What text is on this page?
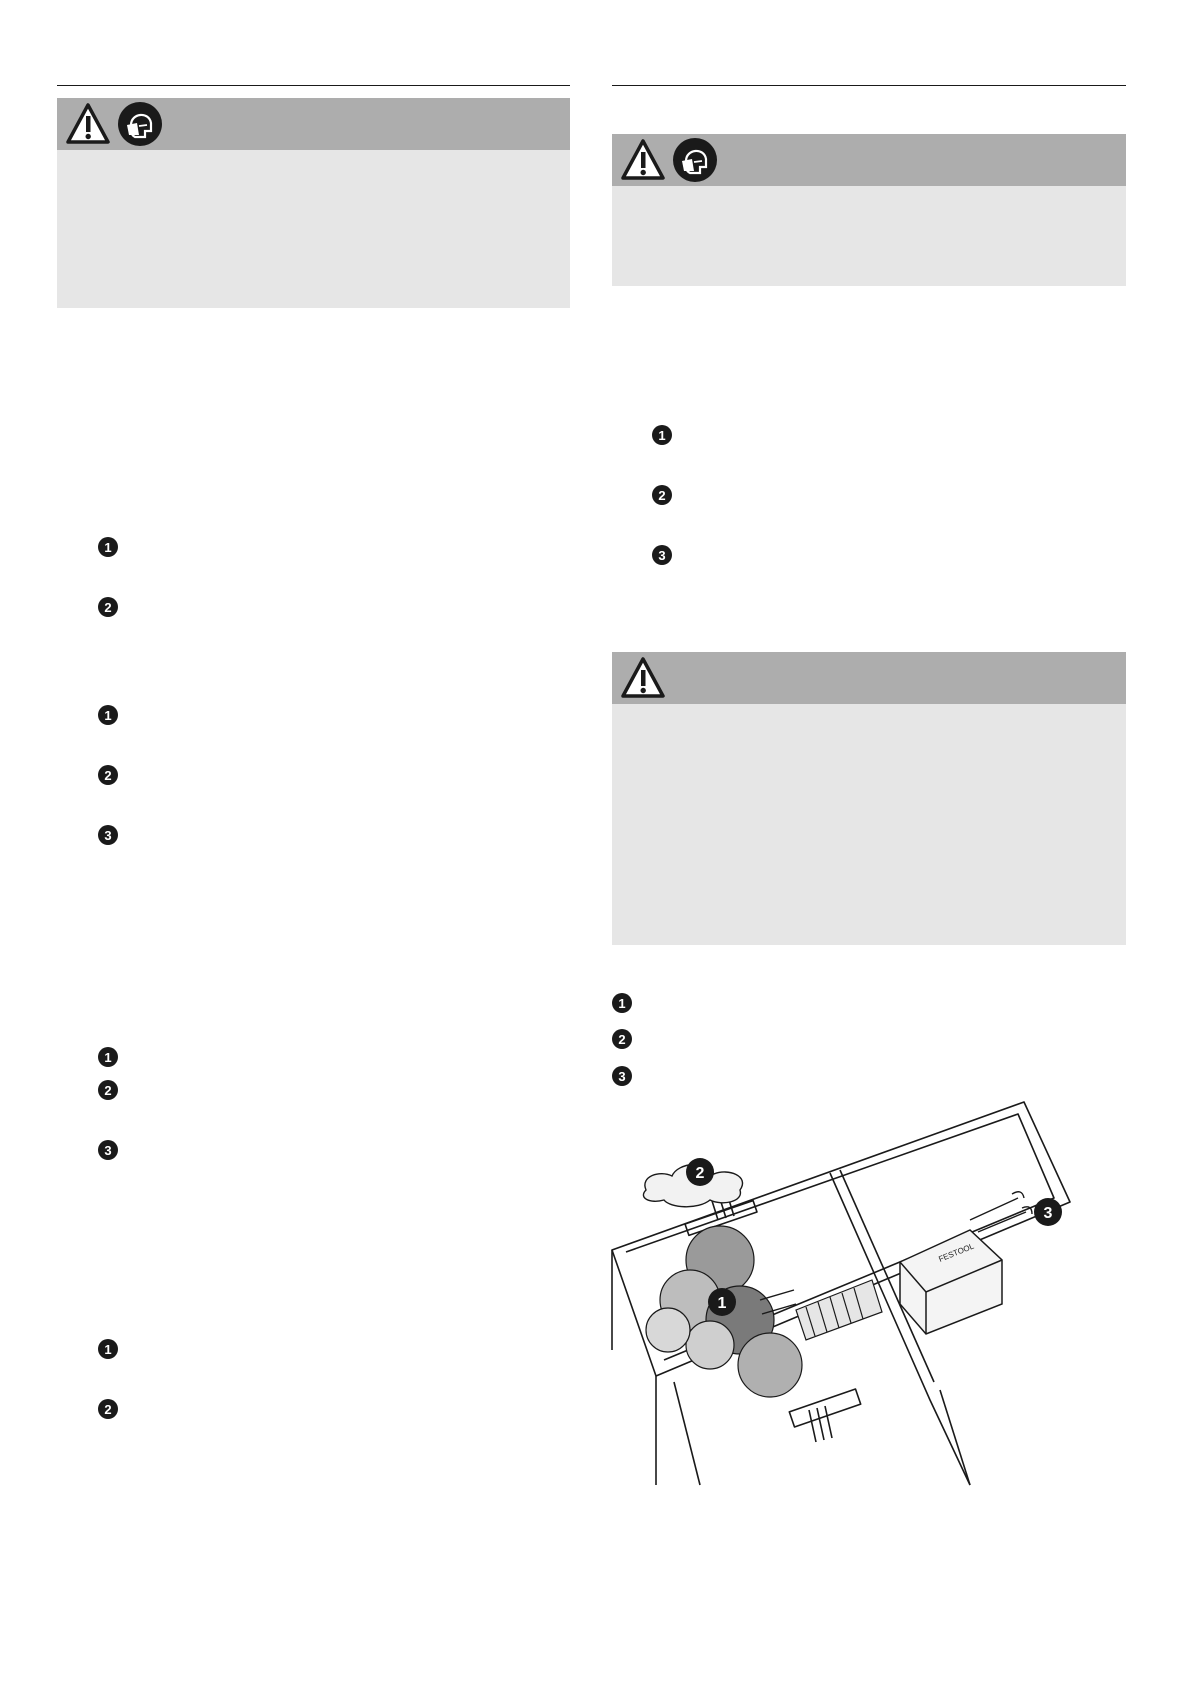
1
2
1
2
3
1
2
3
1
2
1
2
3
1
2
3
FESTOOL
1
2
3
